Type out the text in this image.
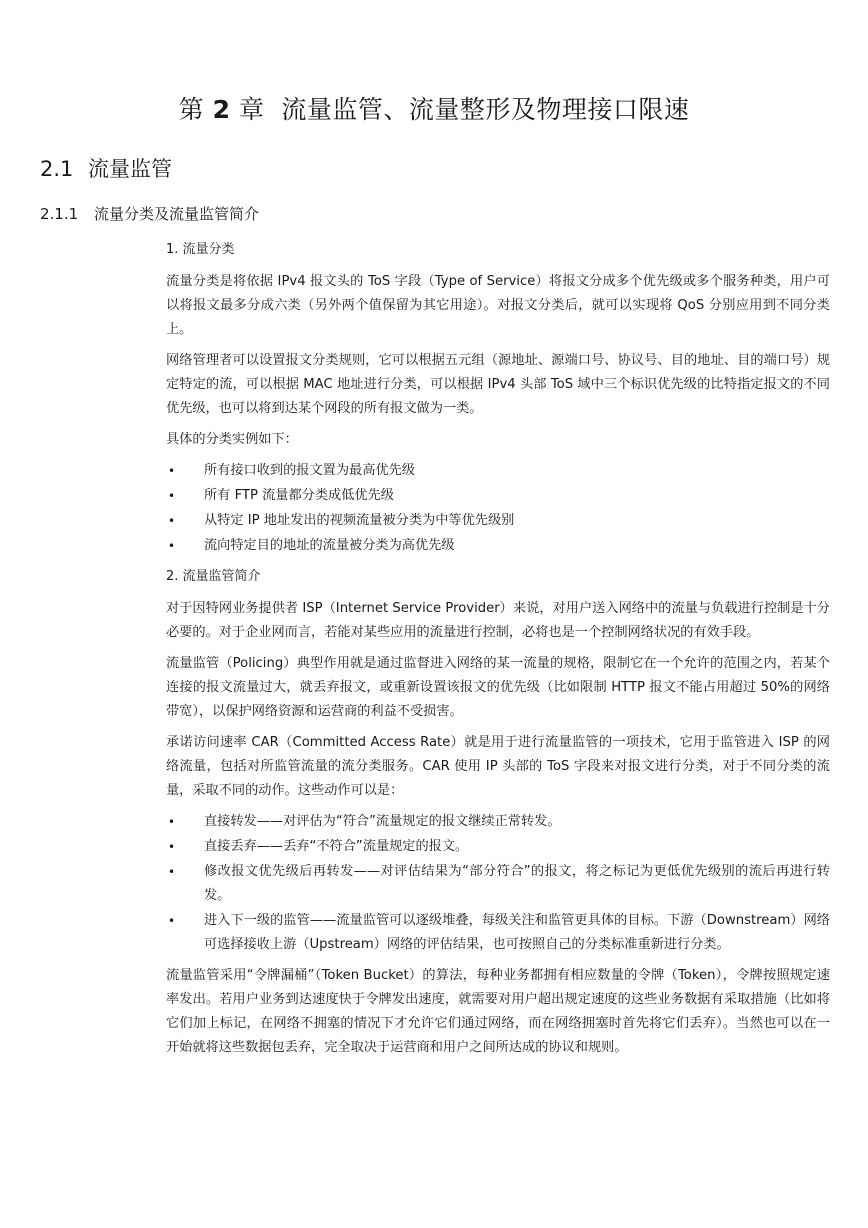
第 2 章 流量监管、流量整形及物理接口限速
2.1 流量监管
2.1.1 流量分类及流量监管简介
1. 流量分类

流量分类是将依据 IPv4 报文头的 ToS 字段（Type of Service）将报文分成多个优先级或多个服务种类，用户可以将报文最多分成六类（另外两个值保留为其它用途）。对报文分类后，就可以实现将 QoS 分别应用到不同分类上。

网络管理者可以设置报文分类规则，它可以根据五元组（源地址、源端口号、协议号、目的地址、目的端口号）规定特定的流，可以根据 MAC 地址进行分类，可以根据 IPv4 头部 ToS 域中三个标识优先级的比特指定报文的不同优先级，也可以将到达某个网段的所有报文做为一类。

具体的分类实例如下：

• 所有接口收到的报文置为最高优先级
• 所有 FTP 流量都分类成低优先级
• 从特定 IP 地址发出的视频流量被分类为中等优先级别
• 流向特定目的地址的流量被分类为高优先级
2. 流量监管简介

对于因特网业务提供者 ISP（Internet Service Provider）来说，对用户送入网络中的流量与负载进行控制是十分必要的。对于企业网而言，若能对某些应用的流量进行控制，必将也是一个控制网络状况的有效手段。

流量监管（Policing）典型作用就是通过监督进入网络的某一流量的规格，限制它在一个允许的范围之内，若某个连接的报文流量过大，就丢弃报文，或重新设置该报文的优先级（比如限制 HTTP 报文不能占用超过 50%的网络带宽），以保护网络资源和运营商的利益不受损害。

承诺访问速率 CAR（Committed Access Rate）就是用于进行流量监管的一项技术，它用于监管进入 ISP 的网络流量，包括对所监管流量的流分类服务。CAR 使用 IP 头部的 ToS 字段来对报文进行分类，对于不同分类的流量，采取不同的动作。这些动作可以是：

• 直接转发——对评估为“符合”流量规定的报文继续正常转发。
• 直接丢弃——丢弃“不符合”流量规定的报文。
• 修改报文优先级后再转发——对评估结果为“部分符合”的报文，将之标记为更低优先级别的流后再进行转发。
• 进入下一级的监管——流量监管可以逐级堆叠，每级关注和监管更具体的目标。下游（Downstream）网络可选择接收上游（Upstream）网络的评估结果，也可按照自己的分类标准重新进行分类。

流量监管采用“令牌漏桶”（Token Bucket）的算法，每种业务都拥有相应数量的令牌（Token），令牌按照规定速率发出。若用户业务到达速度快于令牌发出速度，就需要对用户超出规定速度的这些业务数据有采取措施（比如将它们加上标记，在网络不拥塞的情况下才允许它们通过网络，而在网络拥塞时首先将它们丢弃）。当然也可以在一开始就将这些数据包丢弃，完全取决于运营商和用户之间所达成的协议和规则。
